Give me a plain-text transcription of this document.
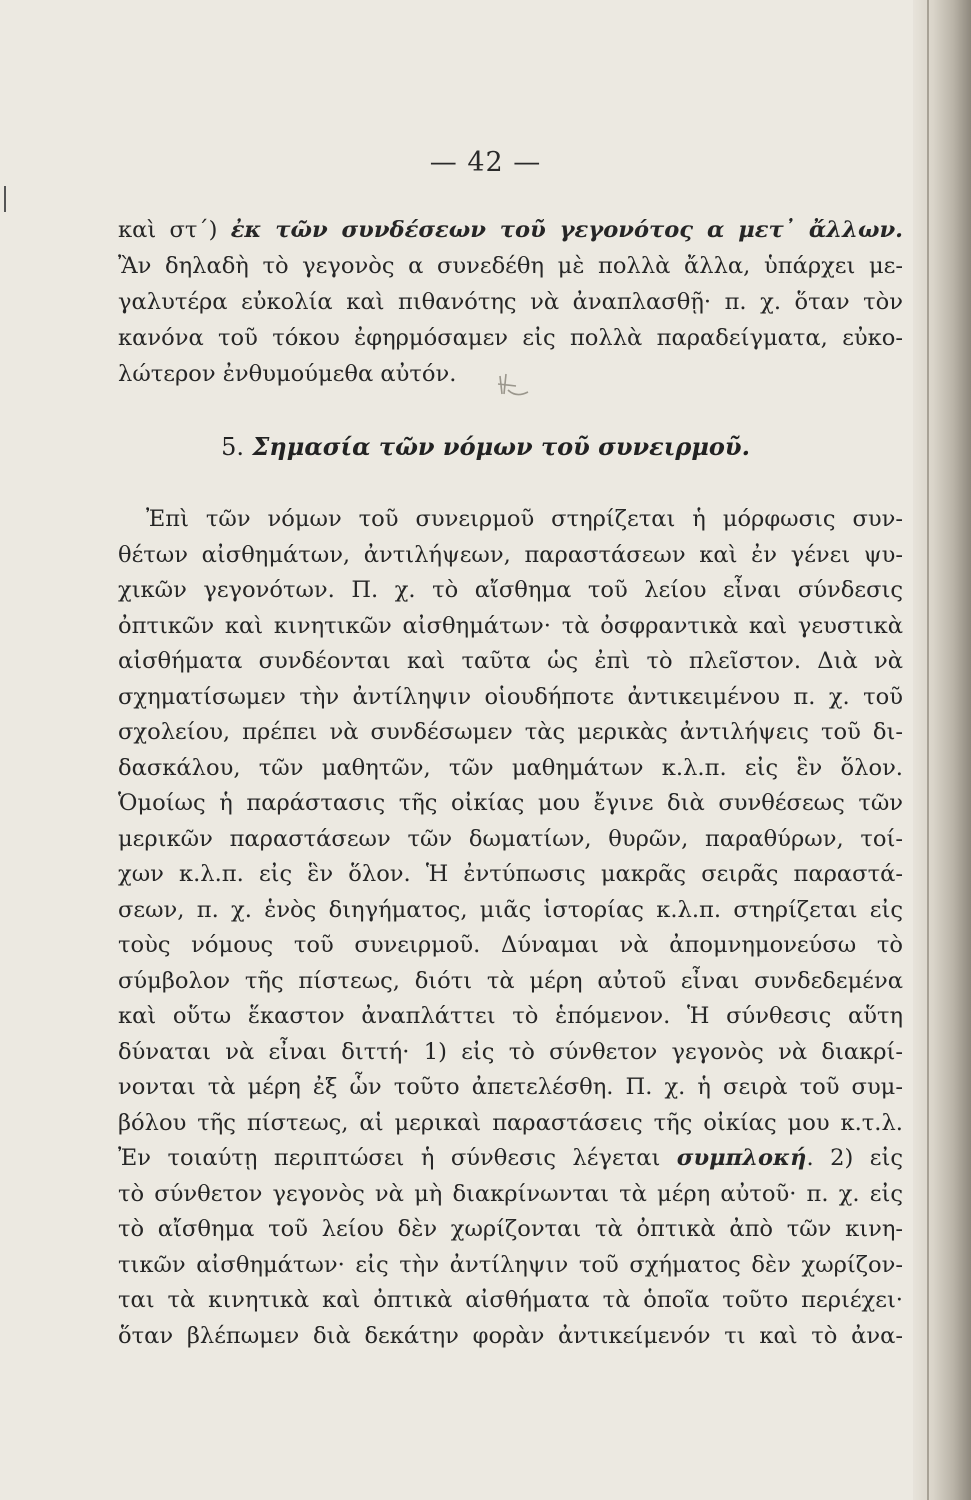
— 42 —
καὶ στ΄) ἐκ τῶν συνδέσεων τοῦ γεγονότος α μετ᾿ ἄλλων.
Ἂν δηλαδὴ τὸ γεγονὸς α συνεδέθη μὲ πολλὰ ἄλλα, ὑπάρχει με-
γαλυτέρα εὐκολία καὶ πιθανότης νὰ ἀναπλασθῇ· π. χ. ὅταν τὸν
κανόνα τοῦ τόκου ἐφηρμόσαμεν εἰς πολλὰ παραδείγματα, εὐκο-
λώτερον ἐνθυμούμεθα αὐτόν.
5. Σημασία τῶν νόμων τοῦ συνειρμοῦ.
Ἐπὶ τῶν νόμων τοῦ συνειρμοῦ στηρίζεται ἡ μόρφωσις συν-
θέτων αἰσθημάτων, ἀντιλήψεων, παραστάσεων καὶ ἐν γένει ψυ-
χικῶν γεγονότων. Π. χ. τὸ αἴσθημα τοῦ λείου εἶναι σύνδεσις
ὀπτικῶν καὶ κινητικῶν αἰσθημάτων· τὰ ὀσφραντικὰ καὶ γευστικὰ
αἰσθήματα συνδέονται καὶ ταῦτα ὡς ἐπὶ τὸ πλεῖστον. Διὰ νὰ
σχηματίσωμεν τὴν ἀντίληψιν οἱουδήποτε ἀντικειμένου π. χ. τοῦ
σχολείου, πρέπει νὰ συνδέσωμεν τὰς μερικὰς ἀντιλήψεις τοῦ δι-
δασκάλου, τῶν μαθητῶν, τῶν μαθημάτων κ.λ.π. εἰς ἓν ὅλον.
Ὁμοίως ἡ παράστασις τῆς οἰκίας μου ἔγινε διὰ συνθέσεως τῶν
μερικῶν παραστάσεων τῶν δωματίων, θυρῶν, παραθύρων, τοί-
χων κ.λ.π. εἰς ἓν ὅλον. Ἡ ἐντύπωσις μακρᾶς σειρᾶς παραστά-
σεων, π. χ. ἑνὸς διηγήματος, μιᾶς ἱστορίας κ.λ.π. στηρίζεται εἰς
τοὺς νόμους τοῦ συνειρμοῦ. Δύναμαι νὰ ἀπομνημονεύσω τὸ
σύμβολον τῆς πίστεως, διότι τὰ μέρη αὐτοῦ εἶναι συνδεδεμένα
καὶ οὕτω ἕκαστον ἀναπλάττει τὸ ἑπόμενον. Ἡ σύνθεσις αὕτη
δύναται νὰ εἶναι διττή· 1) εἰς τὸ σύνθετον γεγονὸς νὰ διακρί-
νονται τὰ μέρη ἐξ ὧν τοῦτο ἀπετελέσθη. Π. χ. ἡ σειρὰ τοῦ συμ-
βόλου τῆς πίστεως, αἱ μερικαὶ παραστάσεις τῆς οἰκίας μου κ.τ.λ.
Ἐν τοιαύτῃ περιπτώσει ἡ σύνθεσις λέγεται συμπλοκή. 2) εἰς
τὸ σύνθετον γεγονὸς νὰ μὴ διακρίνωνται τὰ μέρη αὐτοῦ· π. χ. εἰς
τὸ αἴσθημα τοῦ λείου δὲν χωρίζονται τὰ ὀπτικὰ ἀπὸ τῶν κινη-
τικῶν αἰσθημάτων· εἰς τὴν ἀντίληψιν τοῦ σχήματος δὲν χωρίζον-
ται τὰ κινητικὰ καὶ ὀπτικὰ αἰσθήματα τὰ ὁποῖα τοῦτο περιέχει·
ὅταν βλέπωμεν διὰ δεκάτην φορὰν ἀντικείμενόν τι καὶ τὸ ἀνα-
